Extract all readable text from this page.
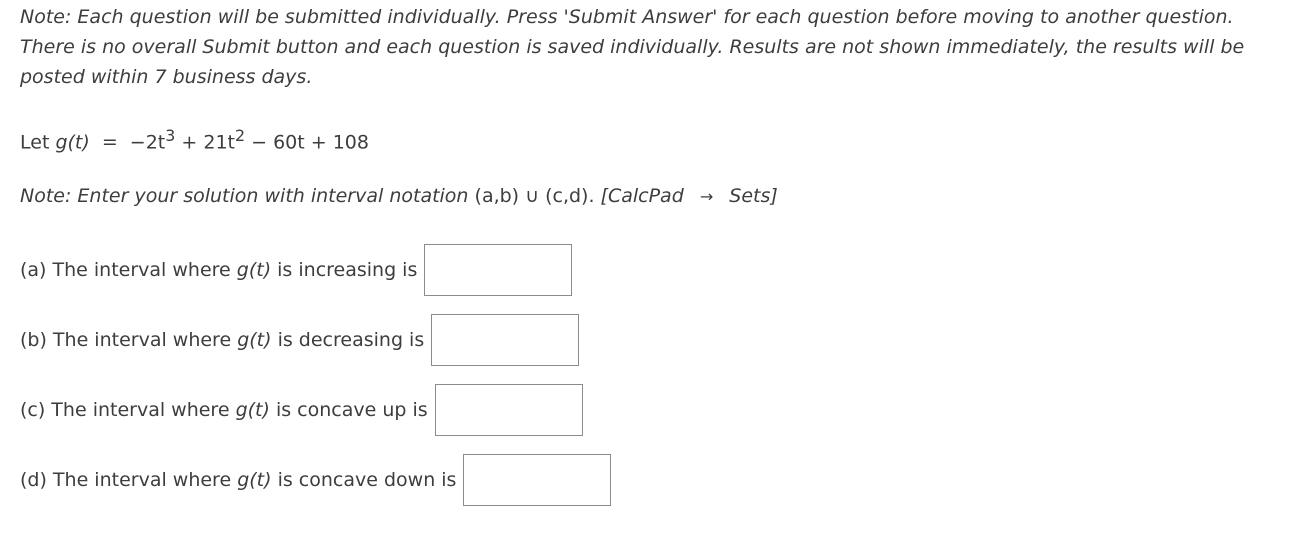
Note: Each question will be submitted individually. Press 'Submit Answer' for each question before moving to another question. There is no overall Submit button and each question is saved individually. Results are not shown immediately, the results will be posted within 7 business days.

Let $g(t) = -2t^3 + 21t^2 - 60t + 108$
Note: Enter your solution with interval notation (a,b) ∪ (c,d). [CalcPad → Sets]
(a) The interval where g(t) is increasing is
(b) The interval where g(t) is decreasing is
(c) The interval where g(t) is concave up is
(d) The interval where g(t) is concave down is
